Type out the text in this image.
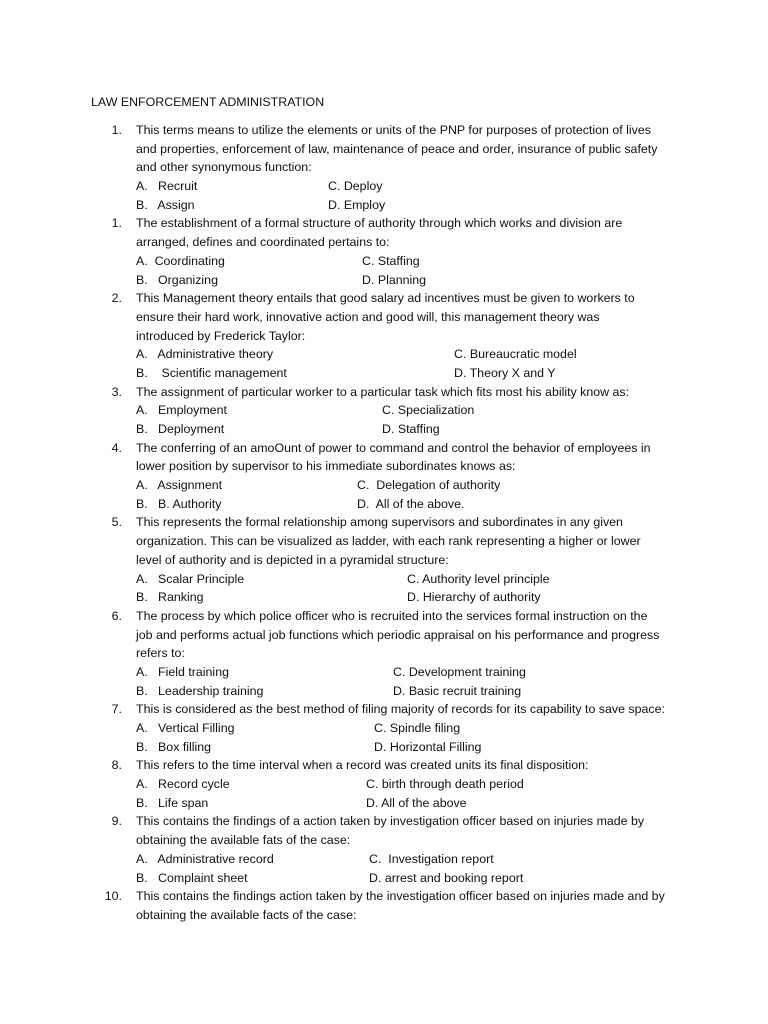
LAW ENFORCEMENT ADMINISTRATION
1. This terms means to utilize the elements or units of the PNP for purposes of protection of lives
and properties, enforcement of law, maintenance of peace and order, insurance of public safety
and other synonymous function:
A.   Recruit	C. Deploy
B.   Assign	D. Employ
1. The establishment of a formal structure of authority through which works and division are
arranged, defines and coordinated pertains to:
A.  Coordinating	C. Staffing
B.   Organizing	D. Planning
2. This Management theory entails that good salary ad incentives must be given to workers to
ensure their hard work, innovative action and good will, this management theory was
introduced by Frederick Taylor:
A.   Administrative theory	C. Bureaucratic model
B.    Scientific management	D. Theory X and Y
3. The assignment of particular worker to a particular task which fits most his ability know as:
A.   Employment	C. Specialization
B.   Deployment	D. Staffing
4. The conferring of an amoOunt of power to command and control the behavior of employees in
lower position by supervisor to his immediate subordinates knows as:
A.   Assignment	C.  Delegation of authority
B.   B. Authority	D.  All of the above.
5. This represents the formal relationship among supervisors and subordinates in any given
organization. This can be visualized as ladder, with each rank representing a higher or lower
level of authority and is depicted in a pyramidal structure:
A.   Scalar Principle	C. Authority level principle
B.   Ranking	D. Hierarchy of authority
6. The process by which police officer who is recruited into the services formal instruction on the
job and performs actual job functions which periodic appraisal on his performance and progress
refers to:
A.   Field training	C. Development training
B.   Leadership training	D. Basic recruit training
7. This is considered as the best method of filing majority of records for its capability to save space:
A.   Vertical Filling	C. Spindle filing
B.   Box filling	D. Horizontal Filling
8. This refers to the time interval when a record was created units its final disposition:
A.   Record cycle	C. birth through death period
B.   Life span	D. All of the above
9. This contains the findings of a action taken by investigation officer based on injuries made by
obtaining the available fats of the case:
A.   Administrative record	C.  Investigation report
B.   Complaint sheet	D. arrest and booking report
10. This contains the findings action taken by the investigation officer based on injuries made and by
obtaining the available facts of the case:
